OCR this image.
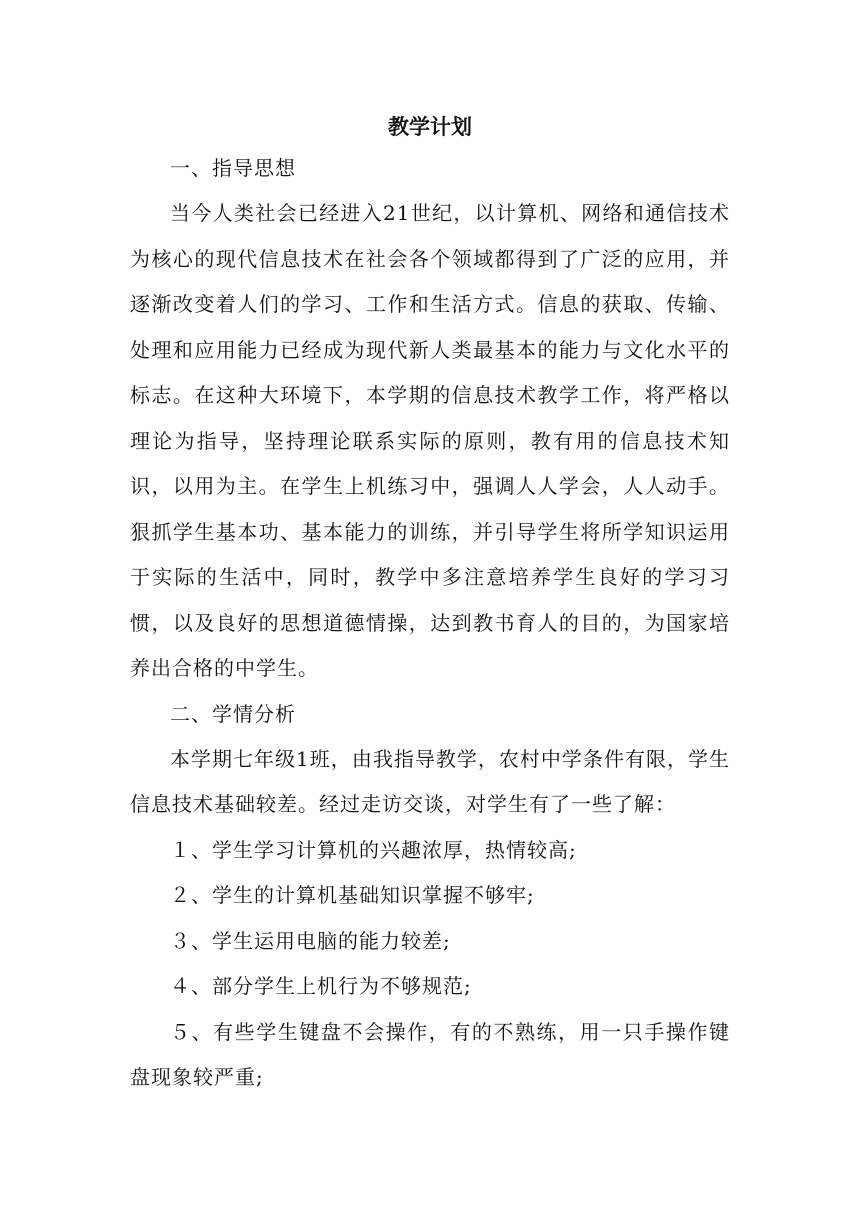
教学计划

一、指导思想

当今人类社会已经进入21世纪，以计算机、网络和通信技术为核心的现代信息技术在社会各个领域都得到了广泛的应用，并逐渐改变着人们的学习、工作和生活方式。信息的获取、传输、处理和应用能力已经成为现代新人类最基本的能力与文化水平的标志。在这种大环境下，本学期的信息技术教学工作，将严格以理论为指导，坚持理论联系实际的原则，教有用的信息技术知识，以用为主。在学生上机练习中，强调人人学会，人人动手。狠抓学生基本功、基本能力的训练，并引导学生将所学知识运用于实际的生活中，同时，教学中多注意培养学生良好的学习习惯，以及良好的思想道德情操，达到教书育人的目的，为国家培养出合格的中学生。

二、学情分析

本学期七年级1班，由我指导教学，农村中学条件有限，学生信息技术基础较差。经过走访交谈，对学生有了一些了解：

１、学生学习计算机的兴趣浓厚，热情较高;

２、学生的计算机基础知识掌握不够牢;

３、学生运用电脑的能力较差;

４、部分学生上机行为不够规范;

５、有些学生键盘不会操作，有的不熟练，用一只手操作键盘现象较严重;
